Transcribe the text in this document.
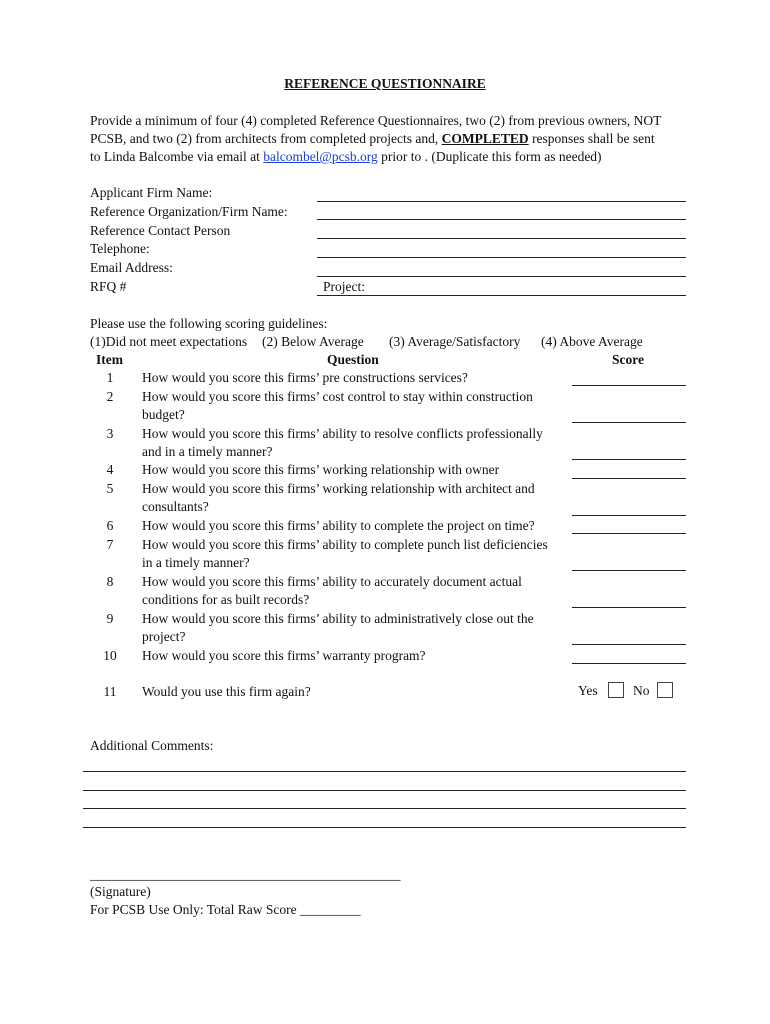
REFERENCE QUESTIONNAIRE
Provide a minimum of four (4) completed Reference Questionnaires, two (2) from previous owners, NOT
PCSB, and two (2) from architects from completed projects and, COMPLETED responses shall be sent
to Linda Balcombe via email at balcombel@pcsb.org prior to . (Duplicate this form as needed)
Applicant Firm Name:
Reference Organization/Firm Name:
Reference Contact Person
Telephone:
Email Address:
RFQ #	Project:
Please use the following scoring guidelines:
(1)Did not meet expectations (2) Below Average (3) Average/Satisfactory (4) Above Average
Item	Question	Score
1	How would you score this firms’ pre constructions services?
2	How would you score this firms’ cost control to stay within construction
budget?
3	How would you score this firms’ ability to resolve conflicts professionally
and in a timely manner?
4	How would you score this firms’ working relationship with owner
5	How would you score this firms’ working relationship with architect and
consultants?
6	How would you score this firms’ ability to complete the project on time?
7	How would you score this firms’ ability to complete punch list deficiencies
in a timely manner?
8	How would you score this firms’ ability to accurately document actual
conditions for as built records?
9	How would you score this firms’ ability to administratively close out the
project?
10	How would you score this firms’ warranty program?
11	Would you use this firm again?	Yes	No
Additional Comments:
______________________________________________
(Signature)
For PCSB Use Only: Total Raw Score _________
